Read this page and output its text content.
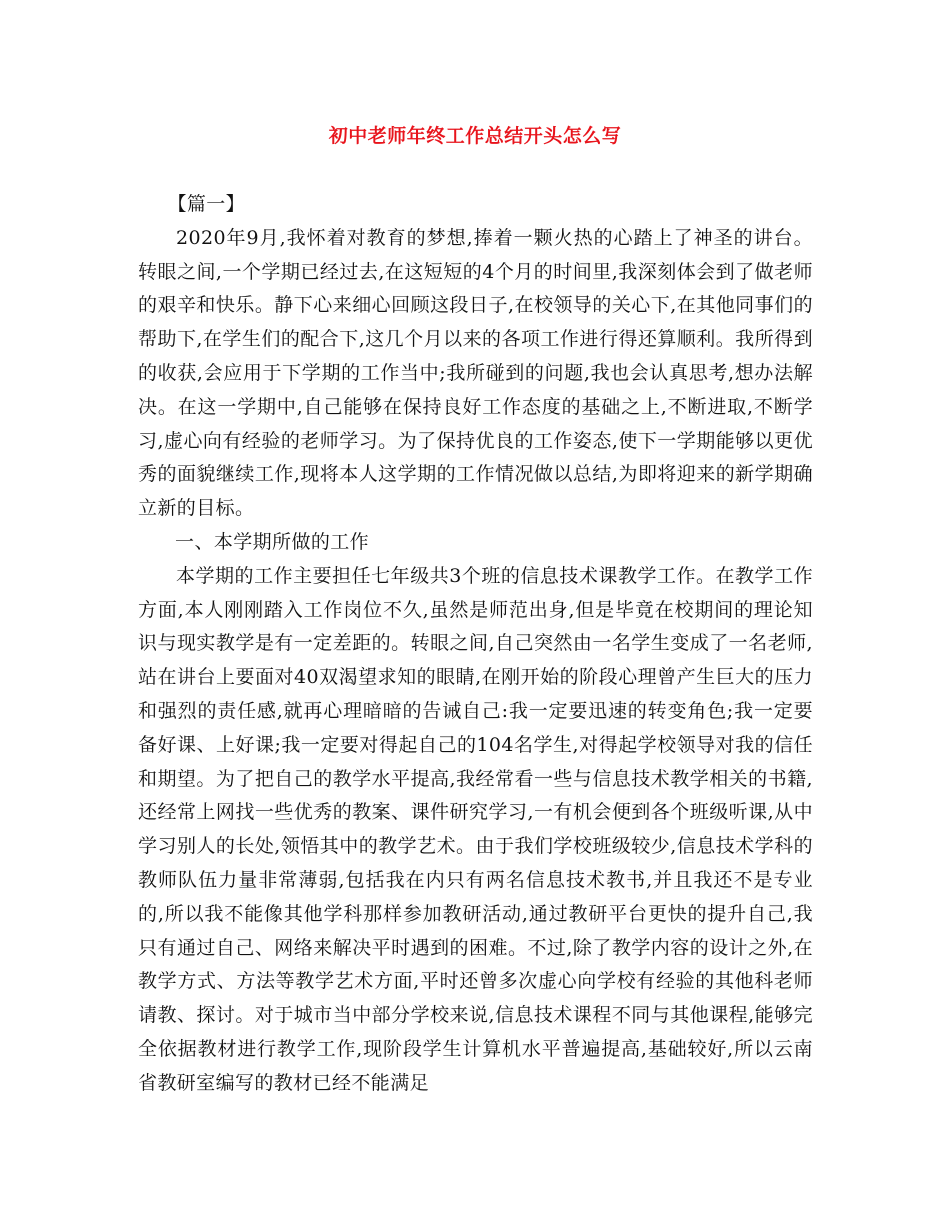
初中老师年终工作总结开头怎么写

【篇一】

2020年9月,我怀着对教育的梦想,捧着一颗火热的心踏上了神圣的讲台。转眼之间,一个学期已经过去,在这短短的4个月的时间里,我深刻体会到了做老师的艰辛和快乐。静下心来细心回顾这段日子,在校领导的关心下,在其他同事们的帮助下,在学生们的配合下,这几个月以来的各项工作进行得还算顺利。我所得到的收获,会应用于下学期的工作当中;我所碰到的问题,我也会认真思考,想办法解决。在这一学期中,自己能够在保持良好工作态度的基础之上,不断进取,不断学习,虚心向有经验的老师学习。为了保持优良的工作姿态,使下一学期能够以更优秀的面貌继续工作,现将本人这学期的工作情况做以总结,为即将迎来的新学期确立新的目标。

一、本学期所做的工作

本学期的工作主要担任七年级共3个班的信息技术课教学工作。在教学工作方面,本人刚刚踏入工作岗位不久,虽然是师范出身,但是毕竟在校期间的理论知识与现实教学是有一定差距的。转眼之间,自己突然由一名学生变成了一名老师,站在讲台上要面对40双渴望求知的眼睛,在刚开始的阶段心理曾产生巨大的压力和强烈的责任感,就再心理暗暗的告诫自己:我一定要迅速的转变角色;我一定要备好课、上好课;我一定要对得起自己的104名学生,对得起学校领导对我的信任和期望。为了把自己的教学水平提高,我经常看一些与信息技术教学相关的书籍,还经常上网找一些优秀的教案、课件研究学习,一有机会便到各个班级听课,从中学习别人的长处,领悟其中的教学艺术。由于我们学校班级较少,信息技术学科的教师队伍力量非常薄弱,包括我在内只有两名信息技术教书,并且我还不是专业的,所以我不能像其他学科那样参加教研活动,通过教研平台更快的提升自己,我只有通过自己、网络来解决平时遇到的困难。不过,除了教学内容的设计之外,在教学方式、方法等教学艺术方面,平时还曾多次虚心向学校有经验的其他科老师请教、探讨。对于城市当中部分学校来说,信息技术课程不同与其他课程,能够完全依据教材进行教学工作,现阶段学生计算机水平普遍提高,基础较好,所以云南省教研室编写的教材已经不能满足
